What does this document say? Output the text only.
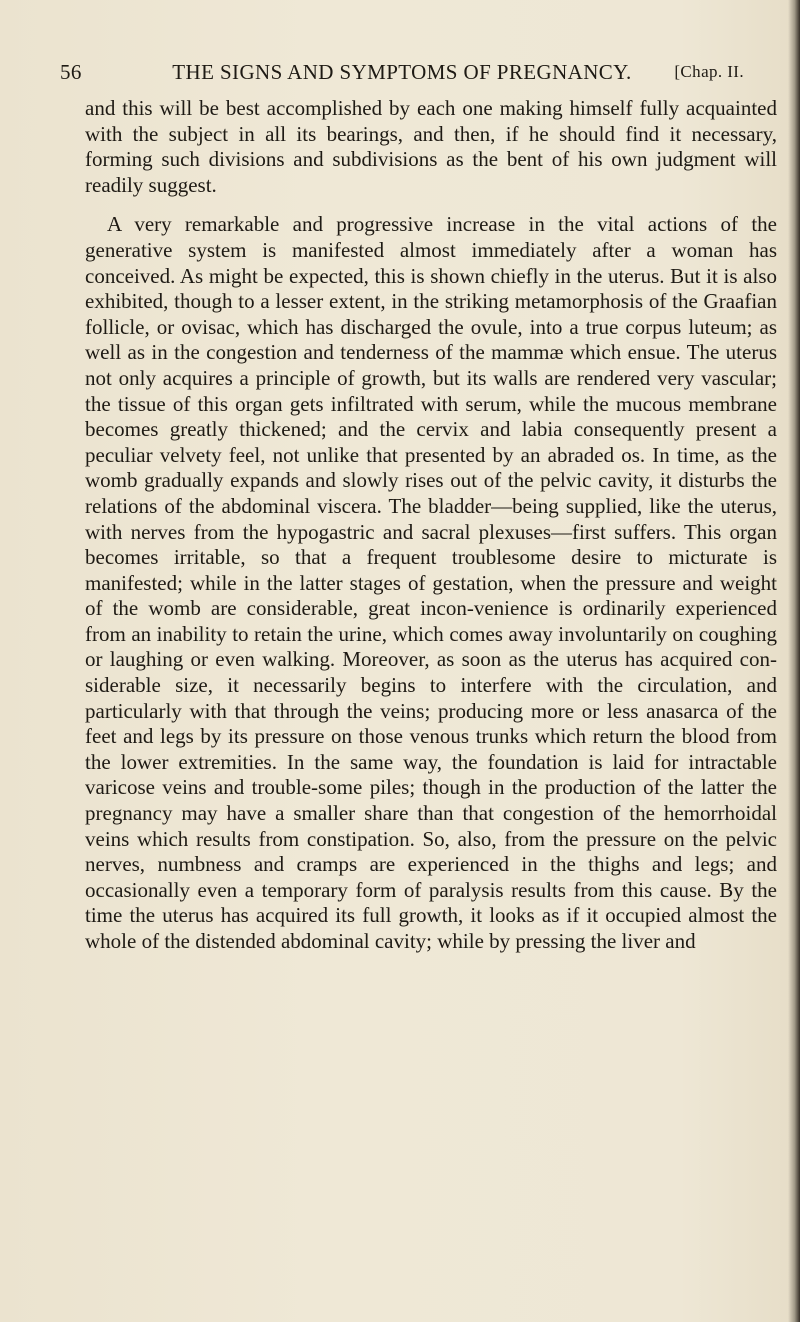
56	THE SIGNS AND SYMPTOMS OF PREGNANCY.	[Chap. II.

and this will be best accomplished by each one making himself fully acquainted with the subject in all its bearings, and then, if he should find it necessary, forming such divisions and subdivisions as the bent of his own judgment will readily suggest.

A very remarkable and progressive increase in the vital actions of the generative system is manifested almost immediately after a woman has conceived. As might be expected, this is shown chiefly in the uterus. But it is also exhibited, though to a lesser extent, in the striking metamorphosis of the Graafian follicle, or ovisac, which has discharged the ovule, into a true corpus luteum; as well as in the congestion and tenderness of the mammæ which ensue. The uterus not only acquires a principle of growth, but its walls are rendered very vascular; the tissue of this organ gets infiltrated with serum, while the mucous membrane becomes greatly thickened; and the cervix and labia consequently present a peculiar velvety feel, not unlike that presented by an abraded os. In time, as the womb gradually expands and slowly rises out of the pelvic cavity, it disturbs the relations of the abdominal viscera. The bladder—being supplied, like the uterus, with nerves from the hypogastric and sacral plexuses—first suffers. This organ becomes irritable, so that a frequent troublesome desire to micturate is manifested; while in the latter stages of gestation, when the pressure and weight of the womb are considerable, great incon-venience is ordinarily experienced from an inability to retain the urine, which comes away involuntarily on coughing or laughing or even walking. Moreover, as soon as the uterus has acquired con-siderable size, it necessarily begins to interfere with the circulation, and particularly with that through the veins; producing more or less anasarca of the feet and legs by its pressure on those venous trunks which return the blood from the lower extremities. In the same way, the foundation is laid for intractable varicose veins and trouble-some piles; though in the production of the latter the pregnancy may have a smaller share than that congestion of the hemorrhoidal veins which results from constipation. So, also, from the pressure on the pelvic nerves, numbness and cramps are experienced in the thighs and legs; and occasionally even a temporary form of paralysis results from this cause. By the time the uterus has acquired its full growth, it looks as if it occupied almost the whole of the distended abdominal cavity; while by pressing the liver and
